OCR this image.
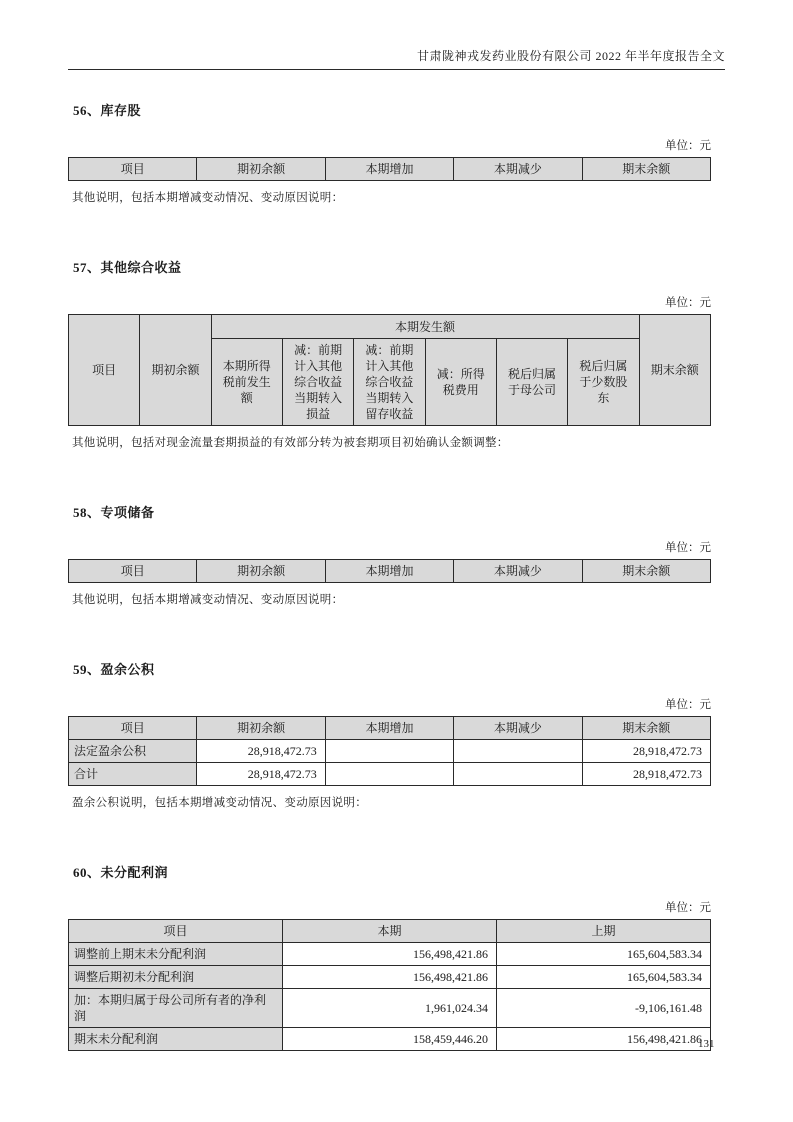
甘肃陇神戎发药业股份有限公司 2022 年半年度报告全文
56、库存股
单位：元
项目	期初余额	本期增加	本期减少	期末余额
其他说明，包括本期增减变动情况、变动原因说明：
57、其他综合收益
单位：元
项目	期初余额	本期发生额						期末余额
		本期所得税前发生额	减：前期计入其他综合收益当期转入损益	减：前期计入其他综合收益当期转入留存收益	减：所得税费用	税后归属于母公司	税后归属于少数股东	
其他说明，包括对现金流量套期损益的有效部分转为被套期项目初始确认金额调整：
58、专项储备
单位：元
项目	期初余额	本期增加	本期减少	期末余额
其他说明，包括本期增减变动情况、变动原因说明：
59、盈余公积
单位：元
项目	期初余额	本期增加	本期减少	期末余额
法定盈余公积	28,918,472.73			28,918,472.73
合计	28,918,472.73			28,918,472.73
盈余公积说明，包括本期增减变动情况、变动原因说明：
60、未分配利润
单位：元
项目	本期	上期
调整前上期末未分配利润	156,498,421.86	165,604,583.34
调整后期初未分配利润	156,498,421.86	165,604,583.34
加：本期归属于母公司所有者的净利润	1,961,024.34	-9,106,161.48
期末未分配利润	158,459,446.20	156,498,421.86
131
